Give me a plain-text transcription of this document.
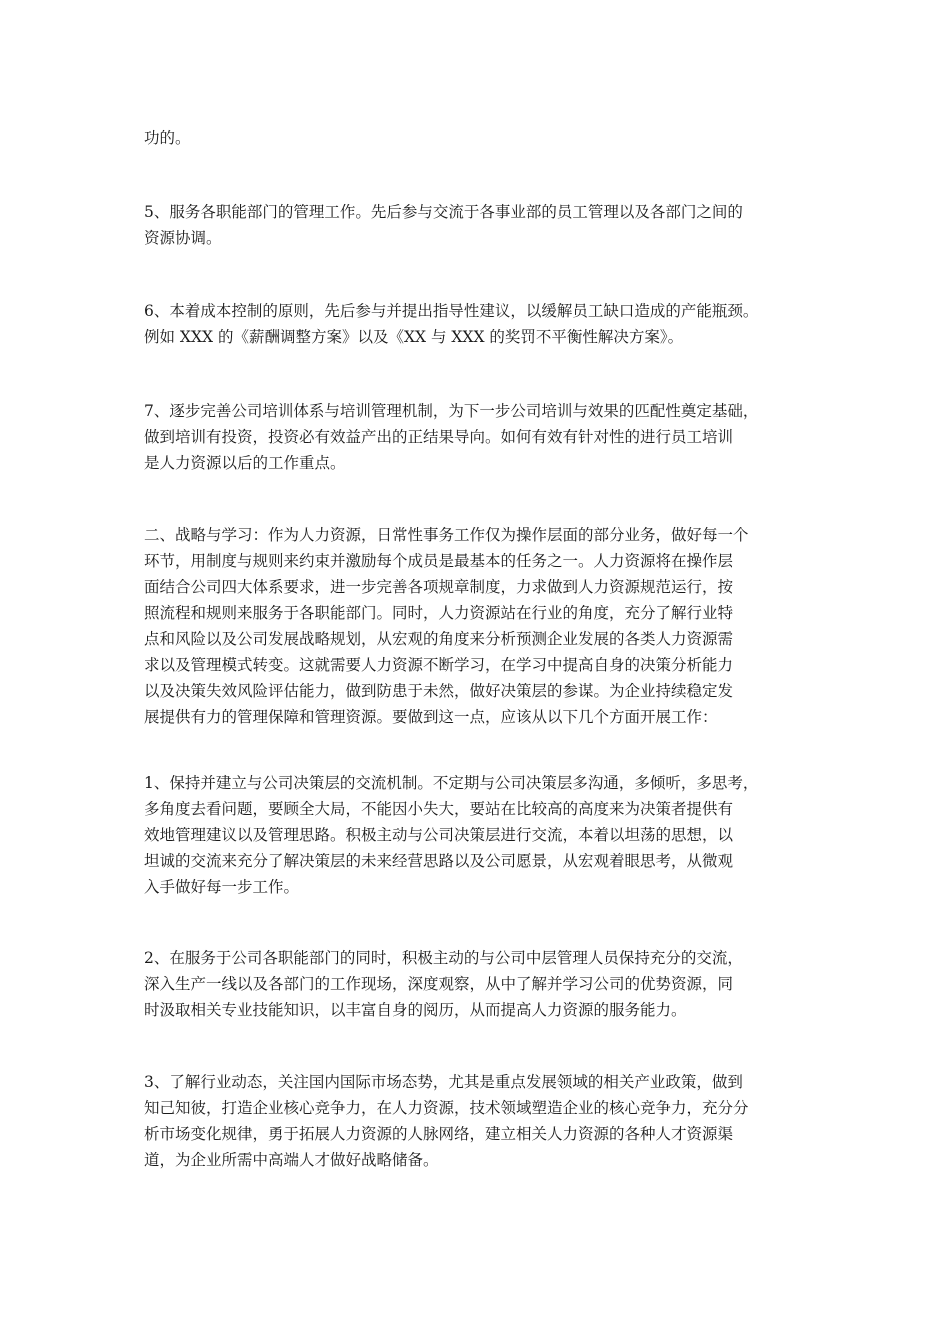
功的。

5、服务各职能部门的管理工作。先后参与交流于各事业部的员工管理以及各部门之间的
资源协调。

6、本着成本控制的原则，先后参与并提出指导性建议，以缓解员工缺口造成的产能瓶颈。
例如 XXX 的《薪酬调整方案》以及《XX 与 XXX 的奖罚不平衡性解决方案》。

7、逐步完善公司培训体系与培训管理机制，为下一步公司培训与效果的匹配性奠定基础，
做到培训有投资，投资必有效益产出的正结果导向。如何有效有针对性的进行员工培训
是人力资源以后的工作重点。

二、战略与学习：作为人力资源，日常性事务工作仅为操作层面的部分业务，做好每一个
环节，用制度与规则来约束并激励每个成员是最基本的任务之一。人力资源将在操作层
面结合公司四大体系要求，进一步完善各项规章制度，力求做到人力资源规范运行，按
照流程和规则来服务于各职能部门。同时，人力资源站在行业的角度，充分了解行业特
点和风险以及公司发展战略规划，从宏观的角度来分析预测企业发展的各类人力资源需
求以及管理模式转变。这就需要人力资源不断学习，在学习中提高自身的决策分析能力
以及决策失效风险评估能力，做到防患于未然，做好决策层的参谋。为企业持续稳定发
展提供有力的管理保障和管理资源。要做到这一点，应该从以下几个方面开展工作：

1、保持并建立与公司决策层的交流机制。不定期与公司决策层多沟通，多倾听，多思考，
多角度去看问题，要顾全大局，不能因小失大，要站在比较高的高度来为决策者提供有
效地管理建议以及管理思路。积极主动与公司决策层进行交流，本着以坦荡的思想，以
坦诚的交流来充分了解决策层的未来经营思路以及公司愿景，从宏观着眼思考，从微观
入手做好每一步工作。

2、在服务于公司各职能部门的同时，积极主动的与公司中层管理人员保持充分的交流，
深入生产一线以及各部门的工作现场，深度观察，从中了解并学习公司的优势资源，同
时汲取相关专业技能知识，以丰富自身的阅历，从而提高人力资源的服务能力。

3、了解行业动态，关注国内国际市场态势，尤其是重点发展领域的相关产业政策，做到
知己知彼，打造企业核心竞争力，在人力资源，技术领域塑造企业的核心竞争力，充分分
析市场变化规律，勇于拓展人力资源的人脉网络，建立相关人力资源的各种人才资源渠
道，为企业所需中高端人才做好战略储备。
